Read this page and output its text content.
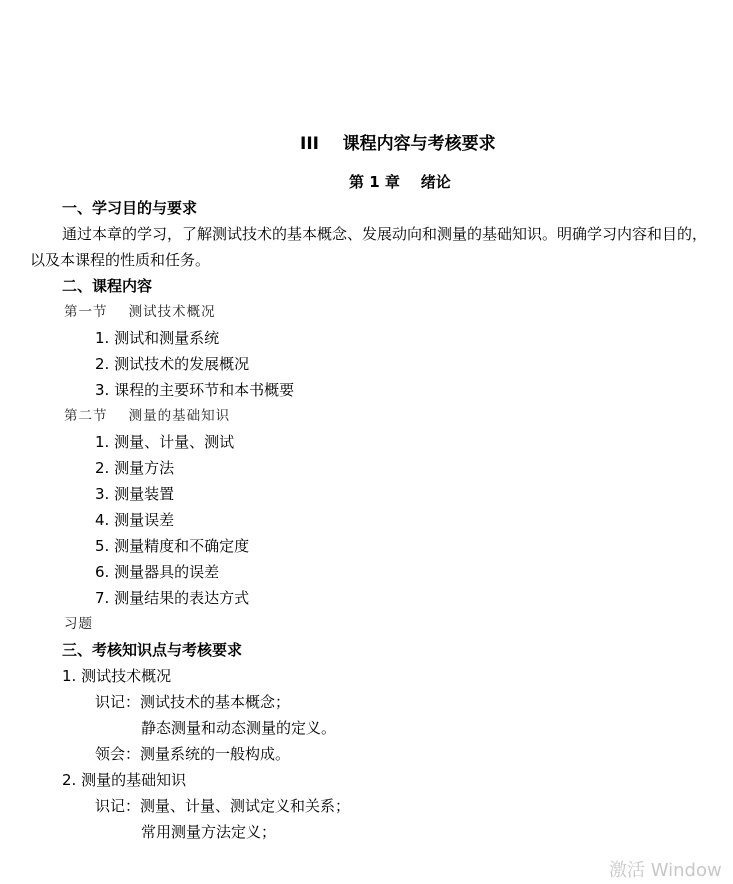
III    课程内容与考核要求
第 1 章    绪论
一、学习目的与要求
通过本章的学习，了解测试技术的基本概念、发展动向和测量的基础知识。明确学习内容和目的，
以及本课程的性质和任务。
二、课程内容
第一节    测试技术概况
1. 测试和测量系统
2. 测试技术的发展概况
3. 课程的主要环节和本书概要
第二节    测量的基础知识
1. 测量、计量、测试
2. 测量方法
3. 测量装置
4. 测量误差
5. 测量精度和不确定度
6. 测量器具的误差
7. 测量结果的表达方式
习题
三、考核知识点与考核要求
1. 测试技术概况
识记：测试技术的基本概念；
静态测量和动态测量的定义。
领会：测量系统的一般构成。
2. 测量的基础知识
识记：测量、计量、测试定义和关系；
常用测量方法定义；
激活 Window
